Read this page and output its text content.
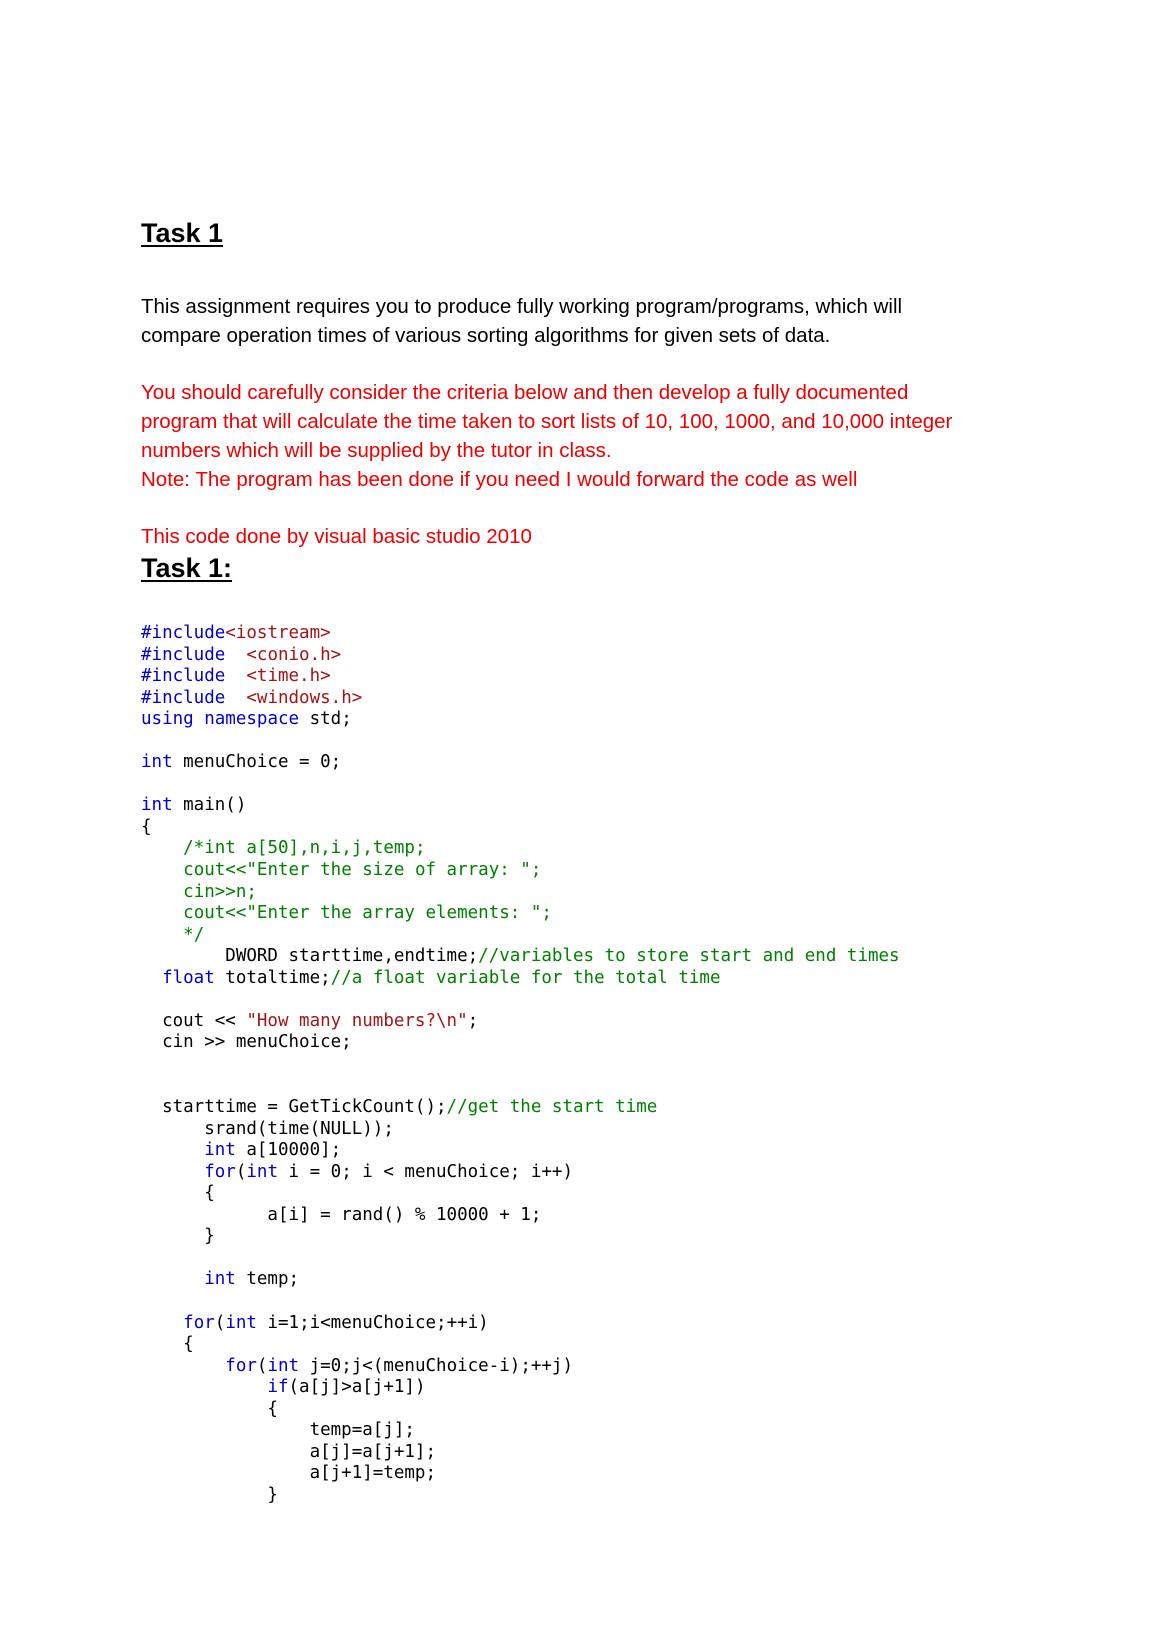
Task 1
This assignment requires you to produce fully working program/programs, which will
compare operation times of various sorting algorithms for given sets of data.
You should carefully consider the criteria below and then develop a fully documented
program that will calculate the time taken to sort lists of 10, 100, 1000, and 10,000 integer
numbers which will be supplied by the tutor in class.
Note: The program has been done if you need I would forward the code as well
This code done by visual basic studio 2010
Task 1:
#include<iostream>
#include <conio.h>
#include <time.h>
#include <windows.h>
using namespace std;

int menuChoice = 0;

int main()
{
/*int a[50],n,i,j,temp;
cout<<"Enter the size of array: ";
cin>>n;
cout<<"Enter the array elements: ";
*/
DWORD starttime,endtime;//variables to store start and end times
float totaltime;//a float variable for the total time

cout << "How many numbers?\n";
cin >> menuChoice;

starttime = GetTickCount();//get the start time
srand(time(NULL));
int a[10000];
for(int i = 0; i < menuChoice; i++)
{
a[i] = rand() % 10000 + 1;
}

int temp;

for(int i=1;i<menuChoice;++i)
{
for(int j=0;j<(menuChoice-i);++j)
if(a[j]>a[j+1])
{
temp=a[j];
a[j]=a[j+1];
a[j+1]=temp;
}
